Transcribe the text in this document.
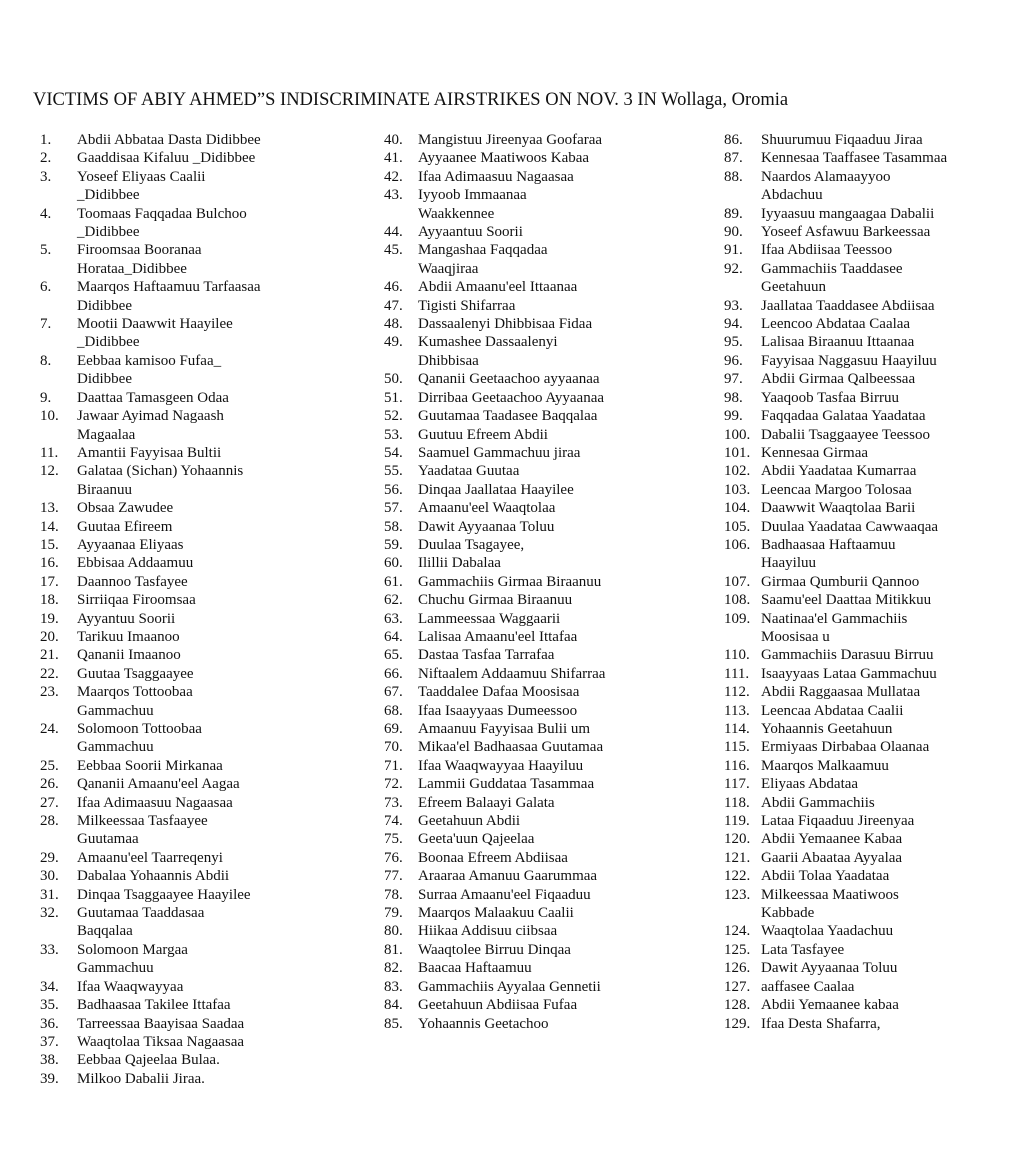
VICTIMS OF ABIY AHMED”S INDISCRIMINATE AIRSTRIKES ON NOV. 3 IN Wollaga, Oromia
1.	Abdii Abbataa Dasta Didibbee
2.	Gaaddisaa Kifaluu _Didibbee
3.	Yoseef Eliyaas Caalii
_Didibbee
4.	Toomaas Faqqadaa Bulchoo
_Didibbee
5.	Firoomsaa Booranaa
Horataa_Didibbee
6.	Maarqos Haftaamuu Tarfaasaa
Didibbee
7.	Mootii Daawwit Haayilee
_Didibbee
8.	Eebbaa kamisoo Fufaa_
Didibbee
9.	Daattaa Tamasgeen Odaa
10.	Jawaar Ayimad Nagaash
Magaalaa
11.	Amantii Fayyisaa Bultii
12.	Galataa (Sichan) Yohaannis
Biraanuu
13.	Obsaa Zawudee
14.	Guutaa Efireem
15.	Ayyaanaa Eliyaas
16.	Ebbisaa Addaamuu
17.	Daannoo Tasfayee
18.	Sirriiqaa Firoomsaa
19.	Ayyantuu Soorii
20.	Tarikuu Imaanoo
21.	Qananii Imaanoo
22.	Guutaa Tsaggaayee
23.	Maarqos Tottoobaa
Gammachuu
24.	Solomoon Tottoobaa
Gammachuu
25.	Eebbaa Soorii Mirkanaa
26.	Qananii Amaanu'eel Aagaa
27.	Ifaa Adimaasuu Nagaasaa
28.	Milkeessaa Tasfaayee
Guutamaa
29.	Amaanu'eel Taarreqenyi
30.	Dabalaa Yohaannis Abdii
31.	Dinqaa Tsaggaayee Haayilee
32.	Guutamaa Taaddasaa
Baqqalaa
33.	Solomoon Margaa
Gammachuu
34.	Ifaa Waaqwayyaa
35.	Badhaasaa Takilee Ittafaa
36.	Tarreessaa Baayisaa Saadaa
37.	Waaqtolaa Tiksaa Nagaasaa
38.	Eebbaa Qajeelaa Bulaa.
39.	Milkoo Dabalii Jiraa.
40.	Mangistuu Jireenyaa Goofaraa
41.	Ayyaanee Maatiwoos Kabaa
42.	Ifaa Adimaasuu Nagaasaa
43.	Iyyoob Immaanaa
Waakkennee
44.	Ayyaantuu Soorii
45.	Mangashaa Faqqadaa
Waaqjiraa
46.	Abdii Amaanu'eel Ittaanaa
47.	Tigisti Shifarraa
48.	Dassaalenyi Dhibbisaa Fidaa
49.	Kumashee Dassaalenyi
Dhibbisaa
50.	Qananii Geetaachoo ayyaanaa
51.	Dirribaa Geetaachoo Ayyaanaa
52.	Guutamaa Taadasee Baqqalaa
53.	Guutuu Efreem Abdii
54.	Saamuel Gammachuu jiraa
55.	Yaadataa Guutaa
56.	Dinqaa Jaallataa Haayilee
57.	Amaanu'eel Waaqtolaa
58.	Dawit Ayyaanaa Toluu
59.	Duulaa Tsagayee,
60.	Ilillii Dabalaa
61.	Gammachiis Girmaa Biraanuu
62.	Chuchu Girmaa Biraanuu
63.	Lammeessaa Waggaarii
64.	Lalisaa Amaanu'eel Ittafaa
65.	Dastaa Tasfaa Tarrafaa
66.	Niftaalem Addaamuu Shifarraa
67.	Taaddalee Dafaa Moosisaa
68.	Ifaa Isaayyaas Dumeessoo
69.	Amaanuu Fayyisaa Bulii um
70.	Mikaa'el Badhaasaa Guutamaa
71.	Ifaa Waaqwayyaa Haayiluu
72.	Lammii Guddataa Tasammaa
73.	Efreem Balaayi Galata
74.	Geetahuun Abdii
75.	Geeta'uun Qajeelaa
76.	Boonaa Efreem Abdiisaa
77.	Araaraa Amanuu Gaarummaa
78.	Surraa Amaanu'eel Fiqaaduu
79.	Maarqos Malaakuu Caalii
80.	Hiikaa Addisuu ciibsaa
81.	Waaqtolee Birruu Dinqaa
82.	Baacaa Haftaamuu
83.	Gammachiis Ayyalaa Gennetii
84.	Geetahuun Abdiisaa Fufaa
85.	Yohaannis Geetachoo
86.	Shuurumuu Fiqaaduu Jiraa
87.	Kennesaa Taaffasee Tasammaa
88.	Naardos Alamaayyoo
Abdachuu
89.	Iyyaasuu mangaagaa Dabalii
90.	Yoseef Asfawuu Barkeessaa
91.	Ifaa Abdiisaa Teessoo
92.	Gammachiis Taaddasee
Geetahuun
93.	Jaallataa Taaddasee Abdiisaa
94.	Leencoo Abdataa Caalaa
95.	Lalisaa Biraanuu Ittaanaa
96.	Fayyisaa Naggasuu Haayiluu
97.	Abdii Girmaa Qalbeessaa
98.	Yaaqoob Tasfaa Birruu
99.	Faqqadaa Galataa Yaadataa
100. Dabalii Tsaggaayee Teessoo
101. Kennesaa Girmaa
102. Abdii Yaadataa Kumarraa
103. Leencaa Margoo Tolosaa
104. Daawwit Waaqtolaa Barii
105. Duulaa Yaadataa Cawwaaqaa
106. Badhaasaa Haftaamuu
Haayiluu
107. Girmaa Qumburii Qannoo
108. Saamu'eel Daattaa Mitikkuu
109. Naatinaa'el Gammachiis
Moosisaa u
110. Gammachiis Darasuu Birruu
111. Isaayyaas Lataa Gammachuu
112. Abdii Raggaasaa Mullataa
113. Leencaa Abdataa Caalii
114. Yohaannis Geetahuun
115. Ermiyaas Dirbabaa Olaanaa
116. Maarqos Malkaamuu
117. Eliyaas Abdataa
118. Abdii Gammachiis
119. Lataa Fiqaaduu Jireenyaa
120. Abdii Yemaanee Kabaa
121. Gaarii Abaataa Ayyalaa
122. Abdii Tolaa Yaadataa
123. Milkeessaa Maatiwoos
Kabbade
124. Waaqtolaa Yaadachuu
125. Lata Tasfayee
126. Dawit Ayyaanaa Toluu
127. aaffasee Caalaa
128. Abdii Yemaanee kabaa
129. Ifaa Desta Shafarra,
